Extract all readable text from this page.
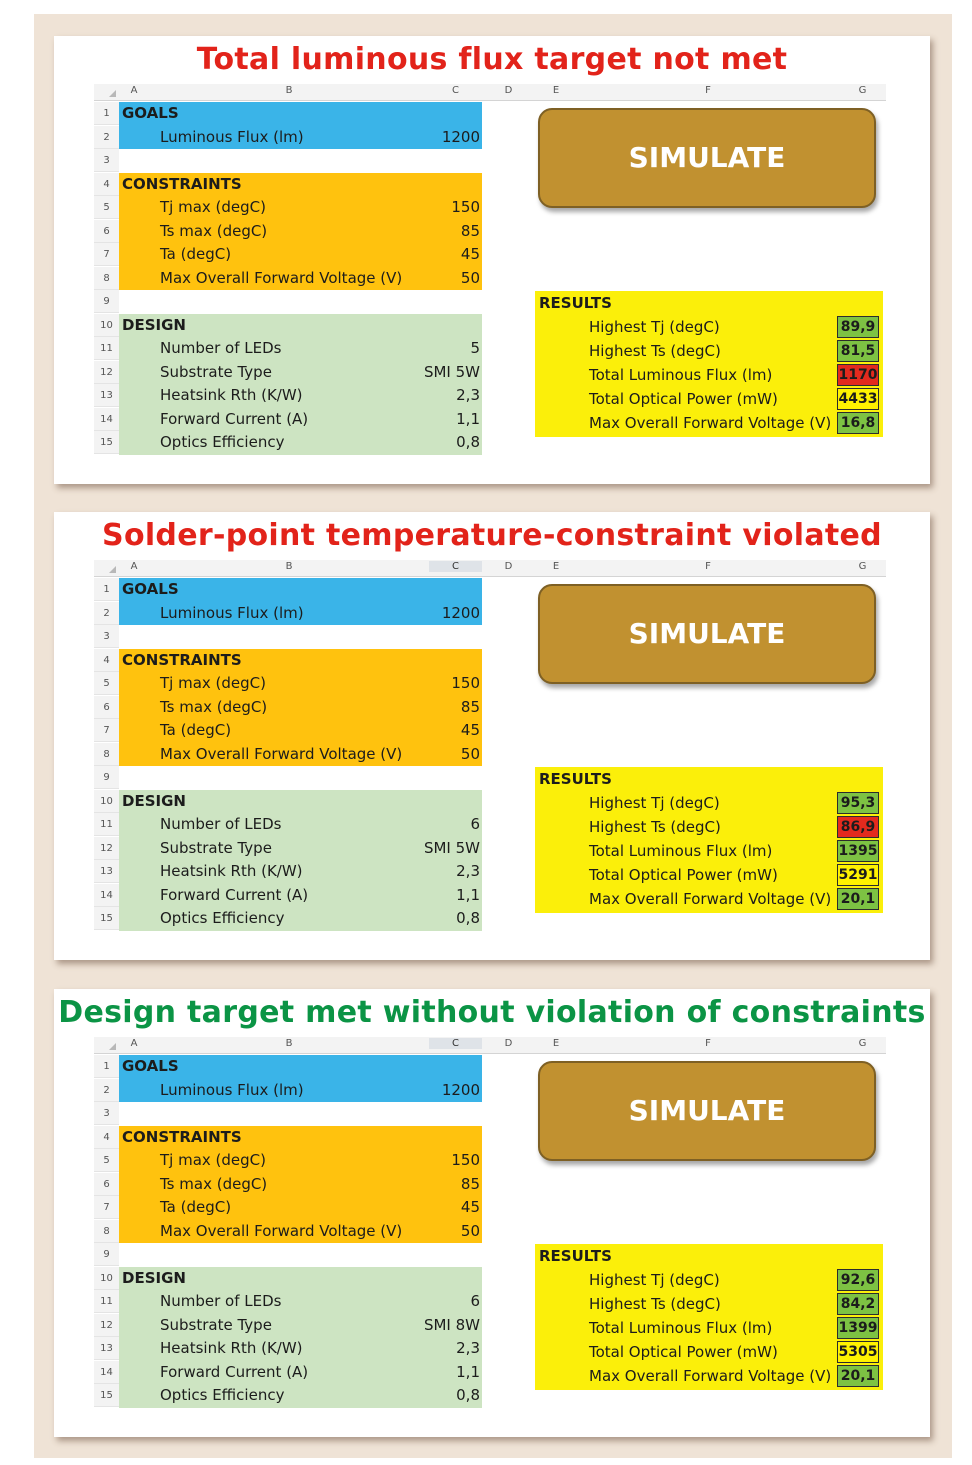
Total luminous flux target not met
A	B	C	D	E	F	G
1
2
3
4
5
6
7
8
9
10
11
12
13
14
15
GOALS
Luminous Flux (lm)	1200
CONSTRAINTS
Tj max (degC)	150
Ts max (degC)	85
Ta (degC)	45
Max Overall Forward Voltage (V)	50
DESIGN
Number of LEDs	5
Substrate Type	SMI 5W
Heatsink Rth (K/W)	2,3
Forward Current (A)	1,1
Optics Efficiency	0,8
SIMULATE
RESULTS
Highest Tj (degC)	89,9
Highest Ts (degC)	81,5
Total Luminous Flux (lm)	1170
Total Optical Power (mW)	4433
Max Overall Forward Voltage (V) 16,8
Solder-point temperature-constraint violated
A	B	C	D	E	F	G
1
2
3
4
5
6
7
8
9
10
11
12
13
14
15
GOALS
Luminous Flux (lm)	1200
CONSTRAINTS
Tj max (degC)	150
Ts max (degC)	85
Ta (degC)	45
Max Overall Forward Voltage (V)	50
DESIGN
Number of LEDs	6
Substrate Type	SMI 5W
Heatsink Rth (K/W)	2,3
Forward Current (A)	1,1
Optics Efficiency	0,8
SIMULATE
RESULTS
Highest Tj (degC)	95,3
Highest Ts (degC)	86,9
Total Luminous Flux (lm)	1395
Total Optical Power (mW)	5291
Max Overall Forward Voltage (V) 20,1
Design target met without violation of constraints
A	B	C	D	E	F	G
1
2
3
4
5
6
7
8
9
10
11
12
13
14
15
GOALS
Luminous Flux (lm)	1200
CONSTRAINTS
Tj max (degC)	150
Ts max (degC)	85
Ta (degC)	45
Max Overall Forward Voltage (V)	50
DESIGN
Number of LEDs	6
Substrate Type	SMI 8W
Heatsink Rth (K/W)	2,3
Forward Current (A)	1,1
Optics Efficiency	0,8
SIMULATE
RESULTS
Highest Tj (degC)	92,6
Highest Ts (degC)	84,2
Total Luminous Flux (lm)	1399
Total Optical Power (mW)	5305
Max Overall Forward Voltage (V) 20,1
